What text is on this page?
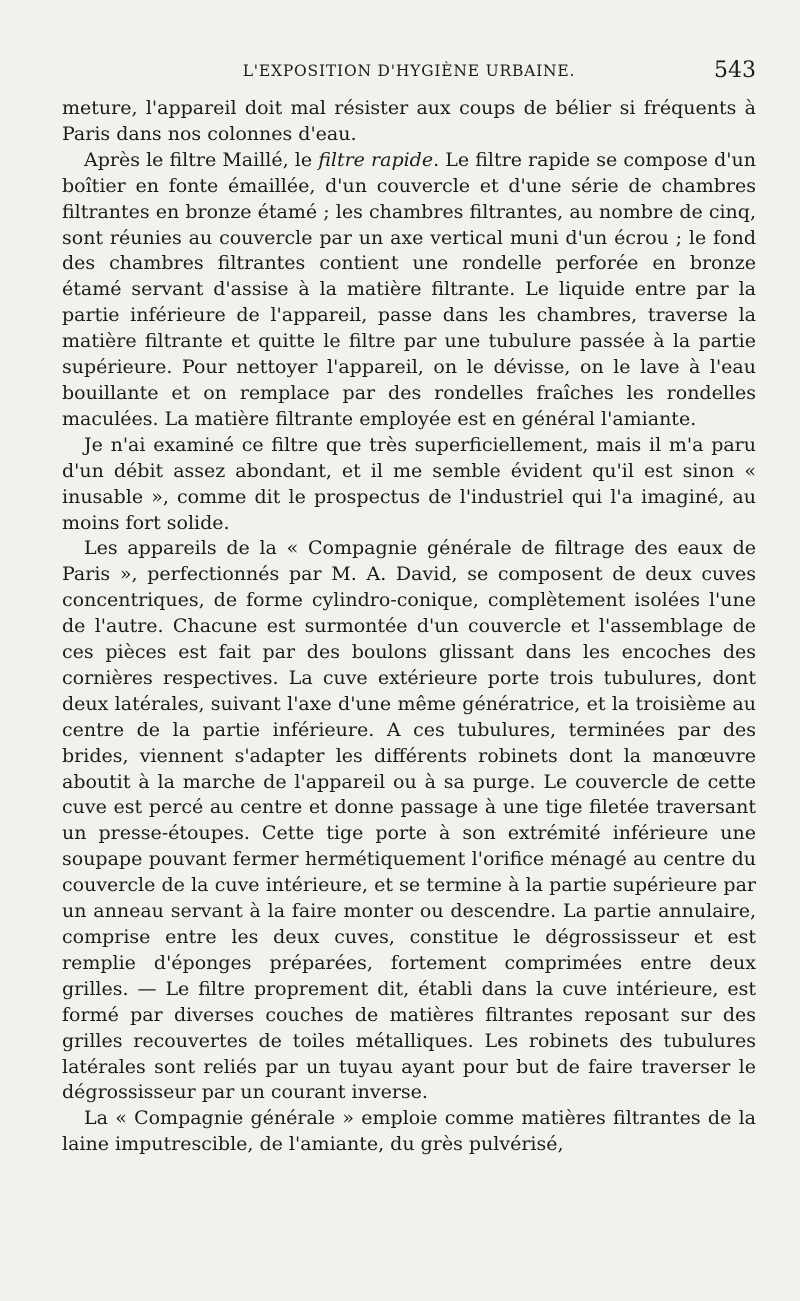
L'EXPOSITION D'HYGIÈNE URBAINE.	543

meture, l'appareil doit mal résister aux coups de bélier si fréquents à Paris dans nos colonnes d'eau.

Après le filtre Maillé, le filtre rapide. Le filtre rapide se compose d'un boîtier en fonte émaillée, d'un couvercle et d'une série de chambres filtrantes en bronze étamé ; les chambres filtrantes, au nombre de cinq, sont réunies au couvercle par un axe vertical muni d'un écrou ; le fond des chambres filtrantes contient une rondelle perforée en bronze étamé servant d'assise à la matière filtrante. Le liquide entre par la partie inférieure de l'appareil, passe dans les chambres, traverse la matière filtrante et quitte le filtre par une tubulure passée à la partie supérieure. Pour nettoyer l'appareil, on le dévisse, on le lave à l'eau bouillante et on remplace par des rondelles fraîches les rondelles maculées. La matière filtrante employée est en général l'amiante.

Je n'ai examiné ce filtre que très superficiellement, mais il m'a paru d'un débit assez abondant, et il me semble évident qu'il est sinon « inusable », comme dit le prospectus de l'industriel qui l'a imaginé, au moins fort solide.

Les appareils de la « Compagnie générale de filtrage des eaux de Paris », perfectionnés par M. A. David, se composent de deux cuves concentriques, de forme cylindro-conique, complètement isolées l'une de l'autre. Chacune est surmontée d'un couvercle et l'assemblage de ces pièces est fait par des boulons glissant dans les encoches des cornières respectives. La cuve extérieure porte trois tubulures, dont deux latérales, suivant l'axe d'une même génératrice, et la troisième au centre de la partie inférieure. A ces tubulures, terminées par des brides, viennent s'adapter les différents robinets dont la manœuvre aboutit à la marche de l'appareil ou à sa purge. Le couvercle de cette cuve est percé au centre et donne passage à une tige filetée traversant un presse-étoupes. Cette tige porte à son extrémité inférieure une soupape pouvant fermer hermétiquement l'orifice ménagé au centre du couvercle de la cuve intérieure, et se termine à la partie supérieure par un anneau servant à la faire monter ou descendre. La partie annulaire, comprise entre les deux cuves, constitue le dégrossisseur et est remplie d'éponges préparées, fortement comprimées entre deux grilles. — Le filtre proprement dit, établi dans la cuve intérieure, est formé par diverses couches de matières filtrantes reposant sur des grilles recouvertes de toiles métalliques. Les robinets des tubulures latérales sont reliés par un tuyau ayant pour but de faire traverser le dégrossisseur par un courant inverse.

La « Compagnie générale » emploie comme matières filtrantes de la laine imputrescible, de l'amiante, du grès pulvérisé,
